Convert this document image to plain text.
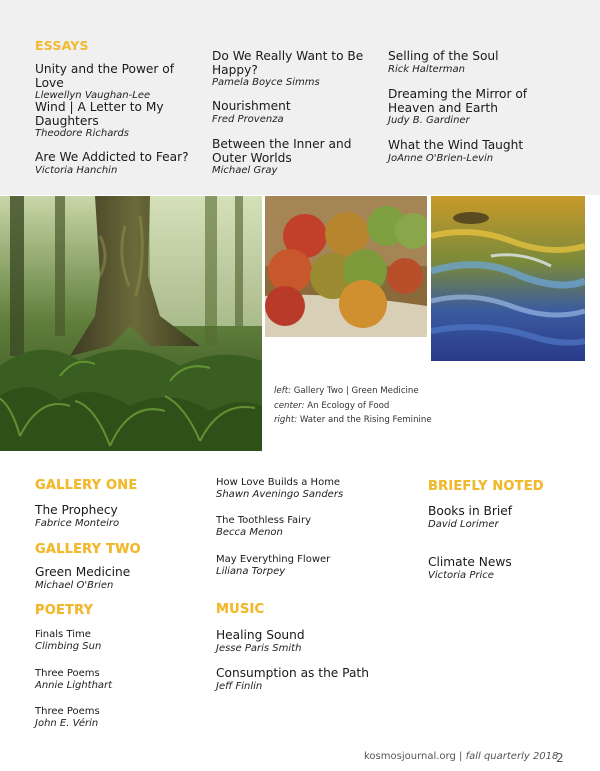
ESSAYS
Unity and the Power of Love
Llewellyn Vaughan-Lee
Wind | A Letter to My Daughters
Theodore Richards
Are We Addicted to Fear?
Victoria Hanchin
Do We Really Want to Be Happy?
Pamela Boyce Simms
Nourishment
Fred Provenza
Between the Inner and Outer Worlds
Michael Gray
Selling of the Soul
Rick Halterman
Dreaming the Mirror of Heaven and Earth
Judy B. Gardiner
What the Wind Taught
JoAnne O'Brien-Levin
left: Gallery Two | Green Medicine
center: An Ecology of Food
right: Water and the Rising Feminine
GALLERY ONE
The Prophecy
Fabrice Monteiro
GALLERY TWO
Green Medicine
Michael O'Brien
POETRY
Finals Time
Climbing Sun
Three Poems
Annie Lighthart
Three Poems
John E. Vérin
How Love Builds a Home
Shawn Aveningo Sanders
The Toothless Fairy
Becca Menon
May Everything Flower
Liliana Torpey
MUSIC
Healing Sound
Jesse Paris Smith
Consumption as the Path
Jeff Finlin
BRIEFLY NOTED
Books in Brief
David Lorimer
Climate News
Victoria Price
kosmosjournal.org | fall quarterly 2018
2
